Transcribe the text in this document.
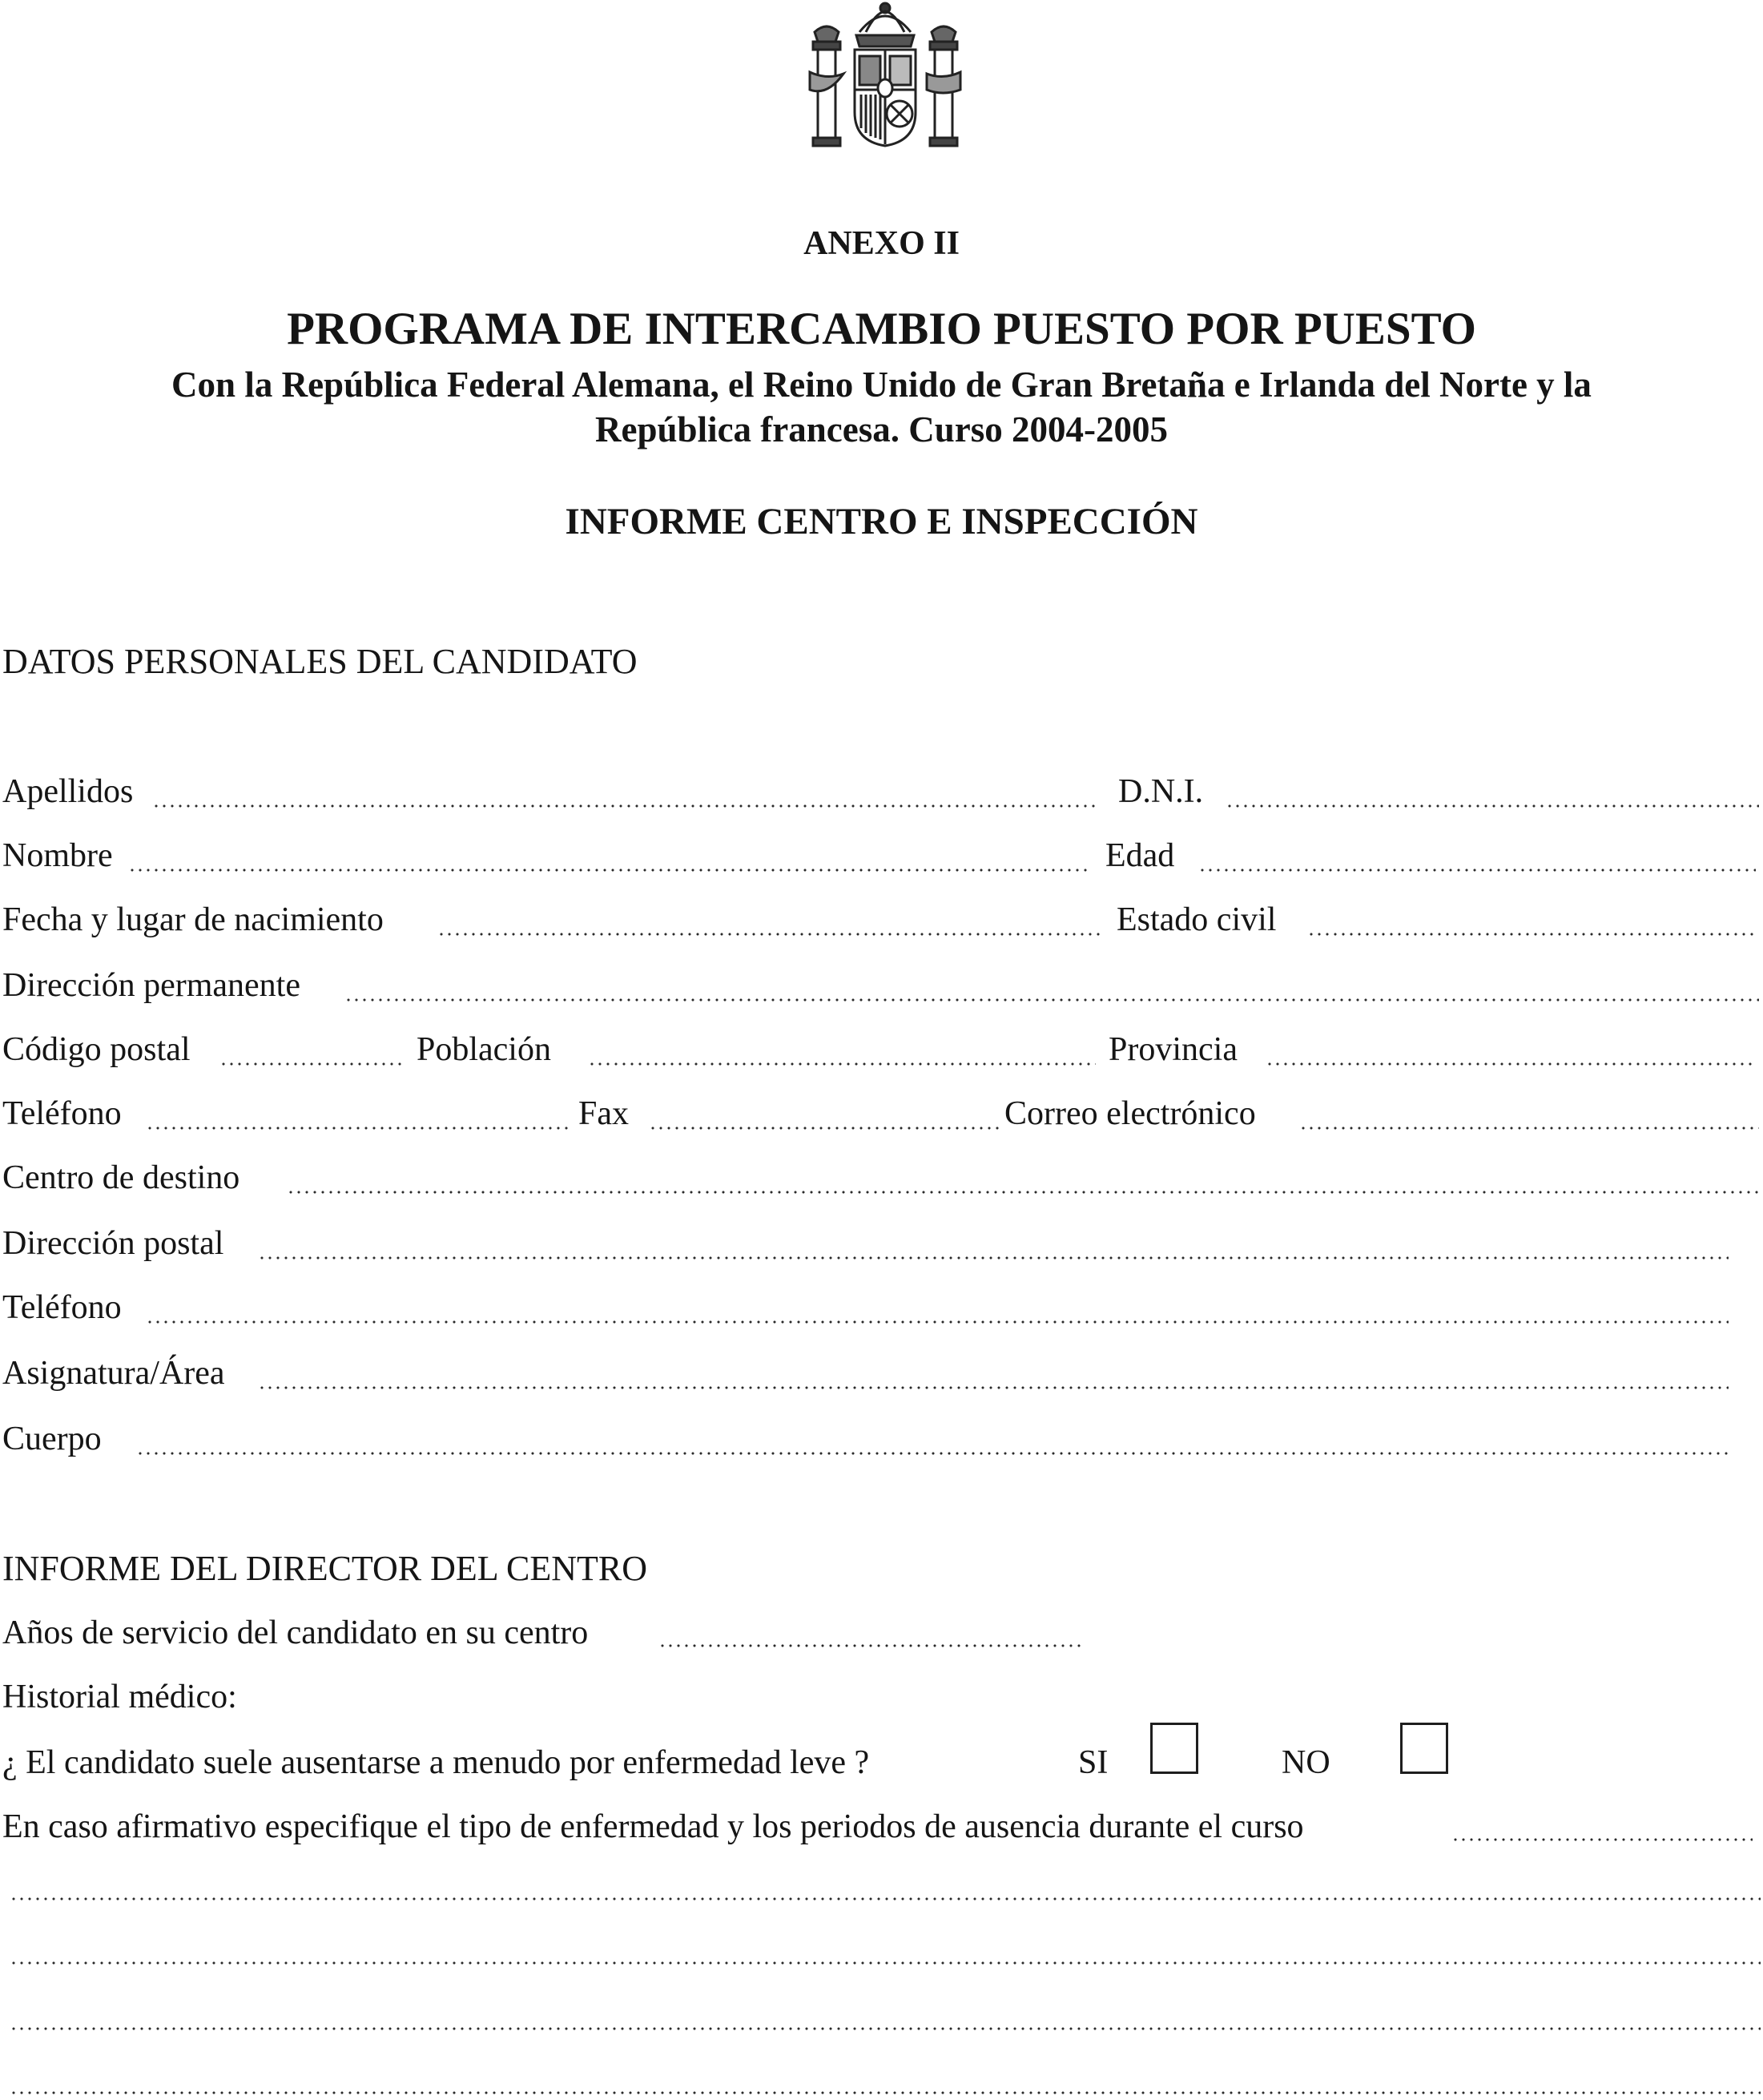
ANEXO II
PROGRAMA DE INTERCAMBIO PUESTO POR PUESTO
Con la República Federal Alemana, el Reino Unido de Gran Bretaña e Irlanda del Norte y la
República francesa. Curso 2004-2005
INFORME CENTRO E INSPECCIÓN
DATOS PERSONALES DEL CANDIDATO
Apellidos	D.N.I.
Nombre	Edad
Fecha y lugar de nacimiento	Estado civil
Dirección permanente
Código postal	Población	Provincia
Teléfono	Fax	Correo electrónico
Centro de destino
Dirección postal
Teléfono
Asignatura/Área
Cuerpo
INFORME DEL DIRECTOR DEL CENTRO
Años de servicio del candidato en su centro
Historial médico:
¿ El candidato suele ausentarse a menudo por enfermedad leve ?	SI	NO
En caso afirmativo especifique el tipo de enfermedad y los periodos de ausencia durante el curso
